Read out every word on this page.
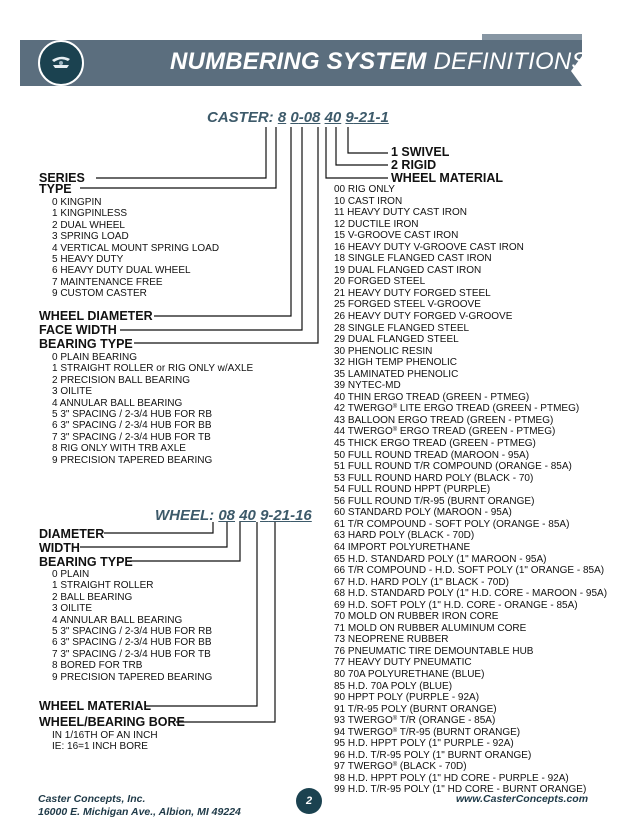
NUMBERING SYSTEM DEFINITIONS
CASTER: 8 0-08 40 9-21-1
1 SWIVEL
2 RIGID
WHEEL MATERIAL
SERIES
TYPE
0 KINGPIN
1 KINGPINLESS
2 DUAL WHEEL
3 SPRING LOAD
4 VERTICAL MOUNT SPRING LOAD
5 HEAVY DUTY
6 HEAVY DUTY DUAL WHEEL
7 MAINTENANCE FREE
9 CUSTOM CASTER
WHEEL DIAMETER
FACE WIDTH
BEARING TYPE
0 PLAIN BEARING
1 STRAIGHT ROLLER or RIG ONLY w/AXLE
2 PRECISION BALL BEARING
3 OILITE
4 ANNULAR BALL BEARING
5 3" SPACING / 2-3/4 HUB FOR RB
6 3" SPACING / 2-3/4 HUB FOR BB
7 3" SPACING / 2-3/4 HUB FOR TB
8 RIG ONLY WITH TRB AXLE
9 PRECISION TAPERED BEARING
00 RIG ONLY
10 CAST IRON
11 HEAVY DUTY CAST IRON
12 DUCTILE IRON
15 V-GROOVE CAST IRON
16 HEAVY DUTY V-GROOVE CAST IRON
18 SINGLE FLANGED CAST IRON
19 DUAL FLANGED CAST IRON
20 FORGED STEEL
21 HEAVY DUTY FORGED STEEL
25 FORGED STEEL V-GROOVE
26 HEAVY DUTY FORGED V-GROOVE
28 SINGLE FLANGED STEEL
29 DUAL FLANGED STEEL
30 PHENOLIC RESIN
32 HIGH TEMP PHENOLIC
35 LAMINATED PHENOLIC
39 NYTEC-MD
40 THIN ERGO TREAD (GREEN - PTMEG)
42 TWERGO® LITE ERGO TREAD (GREEN - PTMEG)
43 BALLOON ERGO TREAD (GREEN - PTMEG)
44 TWERGO® ERGO TREAD (GREEN - PTMEG)
45 THICK ERGO TREAD (GREEN - PTMEG)
50 FULL ROUND TREAD (MAROON - 95A)
51 FULL ROUND T/R COMPOUND (ORANGE - 85A)
53 FULL ROUND HARD POLY (BLACK - 70)
54 FULL ROUND HPPT (PURPLE)
56 FULL ROUND T/R-95 (BURNT ORANGE)
60 STANDARD POLY (MAROON - 95A)
61 T/R COMPOUND - SOFT POLY (ORANGE - 85A)
63 HARD POLY (BLACK - 70D)
64 IMPORT POLYURETHANE
65 H.D. STANDARD POLY (1" MAROON - 95A)
66 T/R COMPOUND - H.D. SOFT POLY (1" ORANGE - 85A)
67 H.D. HARD POLY (1" BLACK - 70D)
68 H.D. STANDARD POLY (1" H.D. CORE - MAROON - 95A)
69 H.D. SOFT POLY (1" H.D. CORE - ORANGE - 85A)
70 MOLD ON RUBBER IRON CORE
71 MOLD ON RUBBER ALUMINUM CORE
73 NEOPRENE RUBBER
76 PNEUMATIC TIRE DEMOUNTABLE HUB
77 HEAVY DUTY PNEUMATIC
80 70A POLYURETHANE (BLUE)
85 H.D. 70A POLY (BLUE)
90 HPPT POLY (PURPLE - 92A)
91 T/R-95 POLY (BURNT ORANGE)
93 TWERGO® T/R (ORANGE - 85A)
94 TWERGO® T/R-95 (BURNT ORANGE)
95 H.D. HPPT POLY (1" PURPLE - 92A)
96 H.D. T/R-95 POLY (1" BURNT ORANGE)
97 TWERGO® (BLACK - 70D)
98 H.D. HPPT POLY (1" HD CORE - PURPLE - 92A)
99 H.D. T/R-95 POLY (1" HD CORE - BURNT ORANGE)
WHEEL: 08 40 9-21-16
DIAMETER
WIDTH
BEARING TYPE
0 PLAIN
1 STRAIGHT ROLLER
2 BALL BEARING
3 OILITE
4 ANNULAR BALL BEARING
5 3" SPACING / 2-3/4 HUB FOR RB
6 3" SPACING / 2-3/4 HUB FOR BB
7 3" SPACING / 2-3/4 HUB FOR TB
8 BORED FOR TRB
9 PRECISION TAPERED BEARING
WHEEL MATERIAL
WHEEL/BEARING BORE
IN 1/16TH OF AN INCH
IE: 16=1 INCH BORE
Caster Concepts, Inc.
16000 E. Michigan Ave., Albion, MI 49224
2	www.CasterConcepts.com
